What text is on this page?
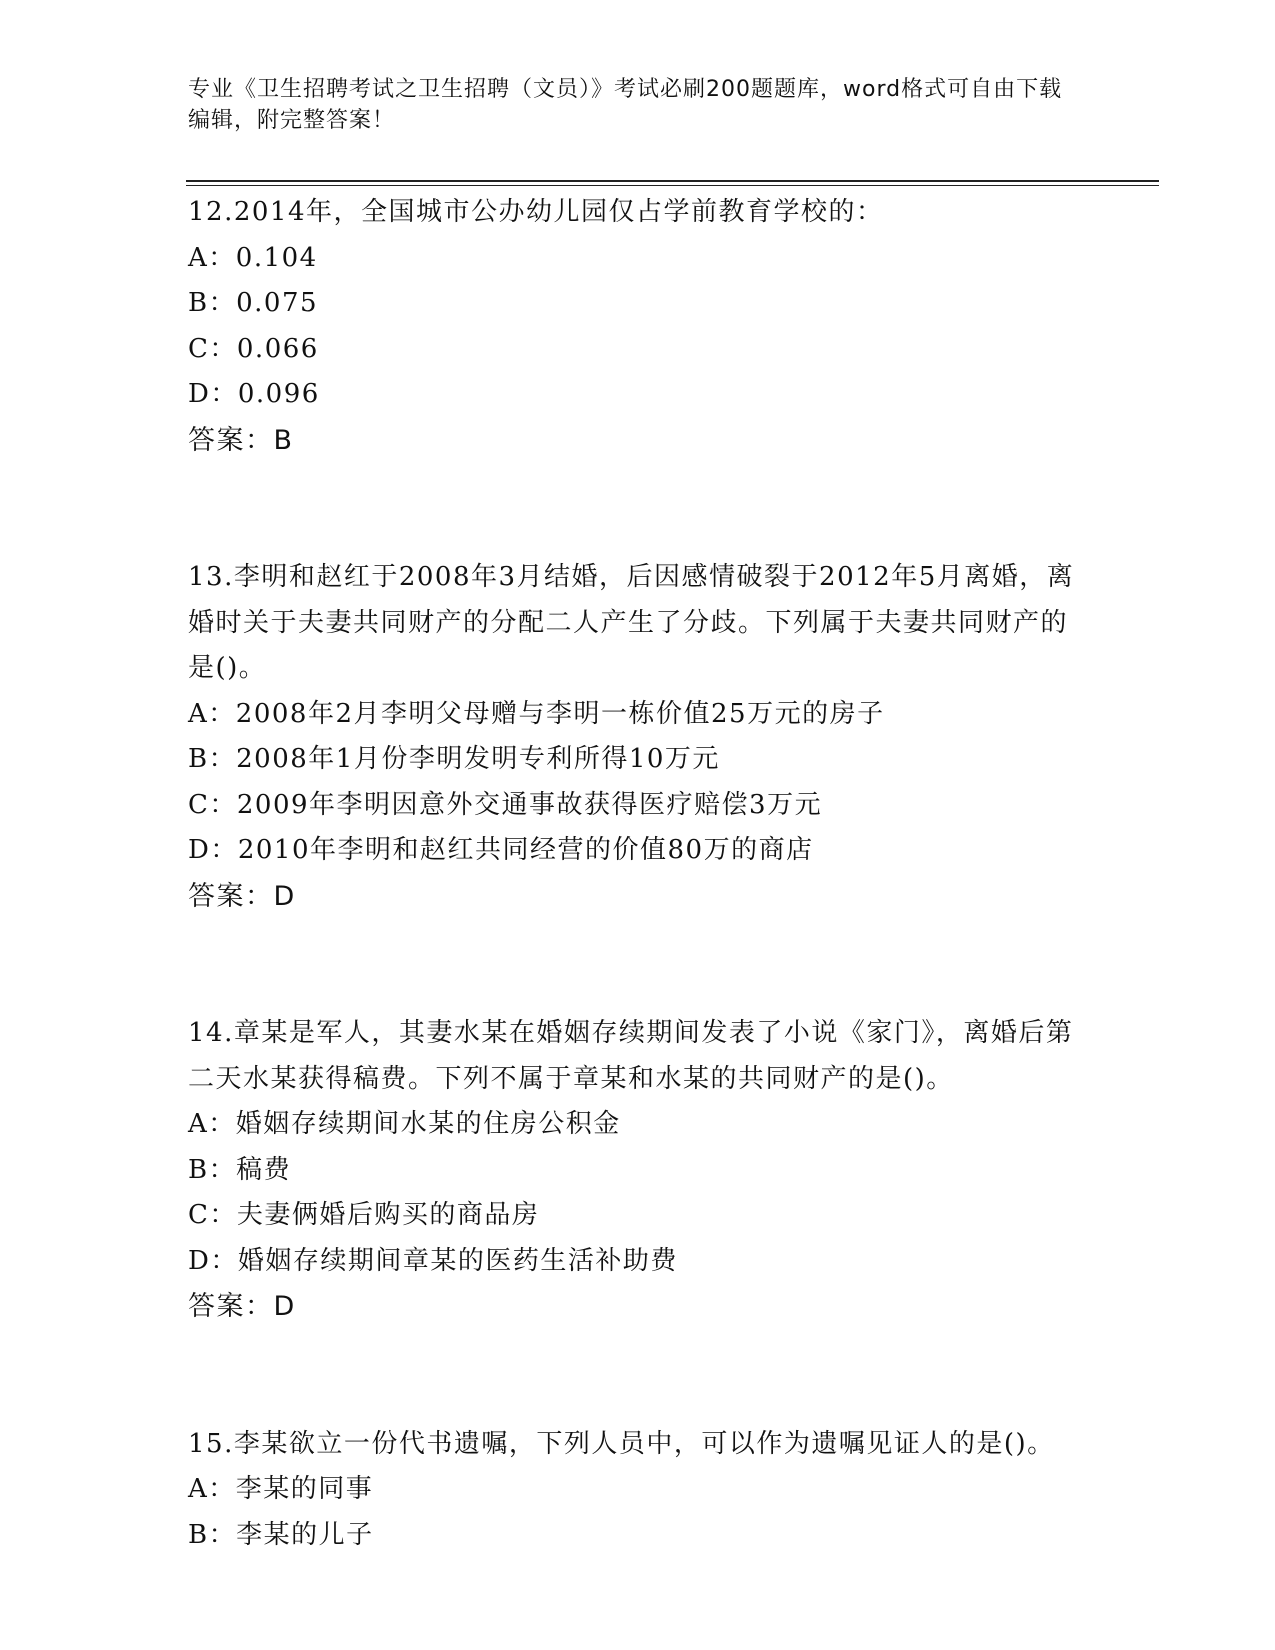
专业《卫生招聘考试之卫生招聘（文员）》考试必刷200题题库，word格式可自由下载编辑，附完整答案！
12.2014年，全国城市公办幼儿园仅占学前教育学校的：
A：0.104
B：0.075
C：0.066
D：0.096
答案：B
13.李明和赵红于2008年3月结婚，后因感情破裂于2012年5月离婚，离婚时关于夫妻共同财产的分配二人产生了分歧。下列属于夫妻共同财产的是()。
A：2008年2月李明父母赠与李明一栋价值25万元的房子
B：2008年1月份李明发明专利所得10万元
C：2009年李明因意外交通事故获得医疗赔偿3万元
D：2010年李明和赵红共同经营的价值80万的商店
答案：D
14.章某是军人，其妻水某在婚姻存续期间发表了小说《家门》，离婚后第二天水某获得稿费。下列不属于章某和水某的共同财产的是()。
A：婚姻存续期间水某的住房公积金
B：稿费
C：夫妻俩婚后购买的商品房
D：婚姻存续期间章某的医药生活补助费
答案：D
15.李某欲立一份代书遗嘱，下列人员中，可以作为遗嘱见证人的是()。
A：李某的同事
B：李某的儿子
